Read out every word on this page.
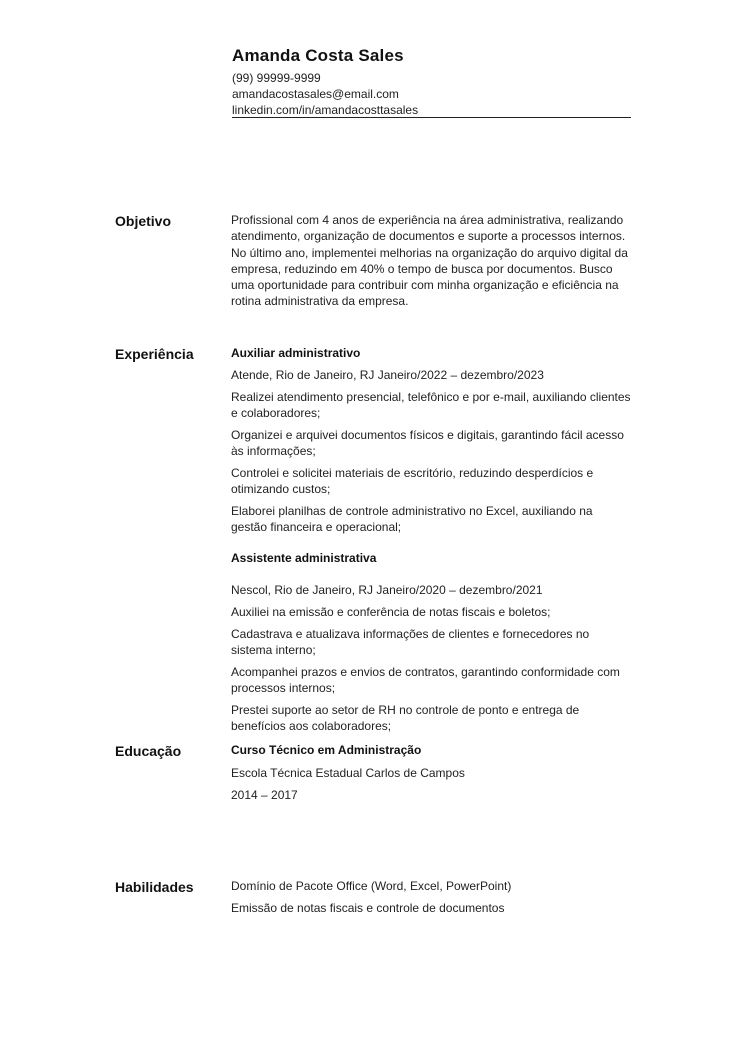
Amanda Costa Sales
(99) 99999-9999
amandacostasales@email.com
linkedin.com/in/amandacosttasales
Objetivo	Profissional com 4 anos de experiência na área administrativa, realizando atendimento, organização de documentos e suporte a processos internos. No último ano, implementei melhorias na organização do arquivo digital da empresa, reduzindo em 40% o tempo de busca por documentos. Busco uma oportunidade para contribuir com minha organização e eficiência na rotina administrativa da empresa.

Experiência	Auxiliar administrativo
Atende, Rio de Janeiro, RJ Janeiro/2022 – dezembro/2023
Realizei atendimento presencial, telefônico e por e-mail, auxiliando clientes e colaboradores;
Organizei e arquivei documentos físicos e digitais, garantindo fácil acesso às informações;
Controlei e solicitei materiais de escritório, reduzindo desperdícios e otimizando custos;
Elaborei planilhas de controle administrativo no Excel, auxiliando na gestão financeira e operacional;
Assistente administrativa
Nescol, Rio de Janeiro, RJ Janeiro/2020 – dezembro/2021
Auxiliei na emissão e conferência de notas fiscais e boletos;
Cadastrava e atualizava informações de clientes e fornecedores no sistema interno;
Acompanhei prazos e envios de contratos, garantindo conformidade com processos internos;
Prestei suporte ao setor de RH no controle de ponto e entrega de benefícios aos colaboradores;
Educação	Curso Técnico em Administração
Escola Técnica Estadual Carlos de Campos
2014 – 2017
Habilidades	Domínio de Pacote Office (Word, Excel, PowerPoint)
Emissão de notas fiscais e controle de documentos
